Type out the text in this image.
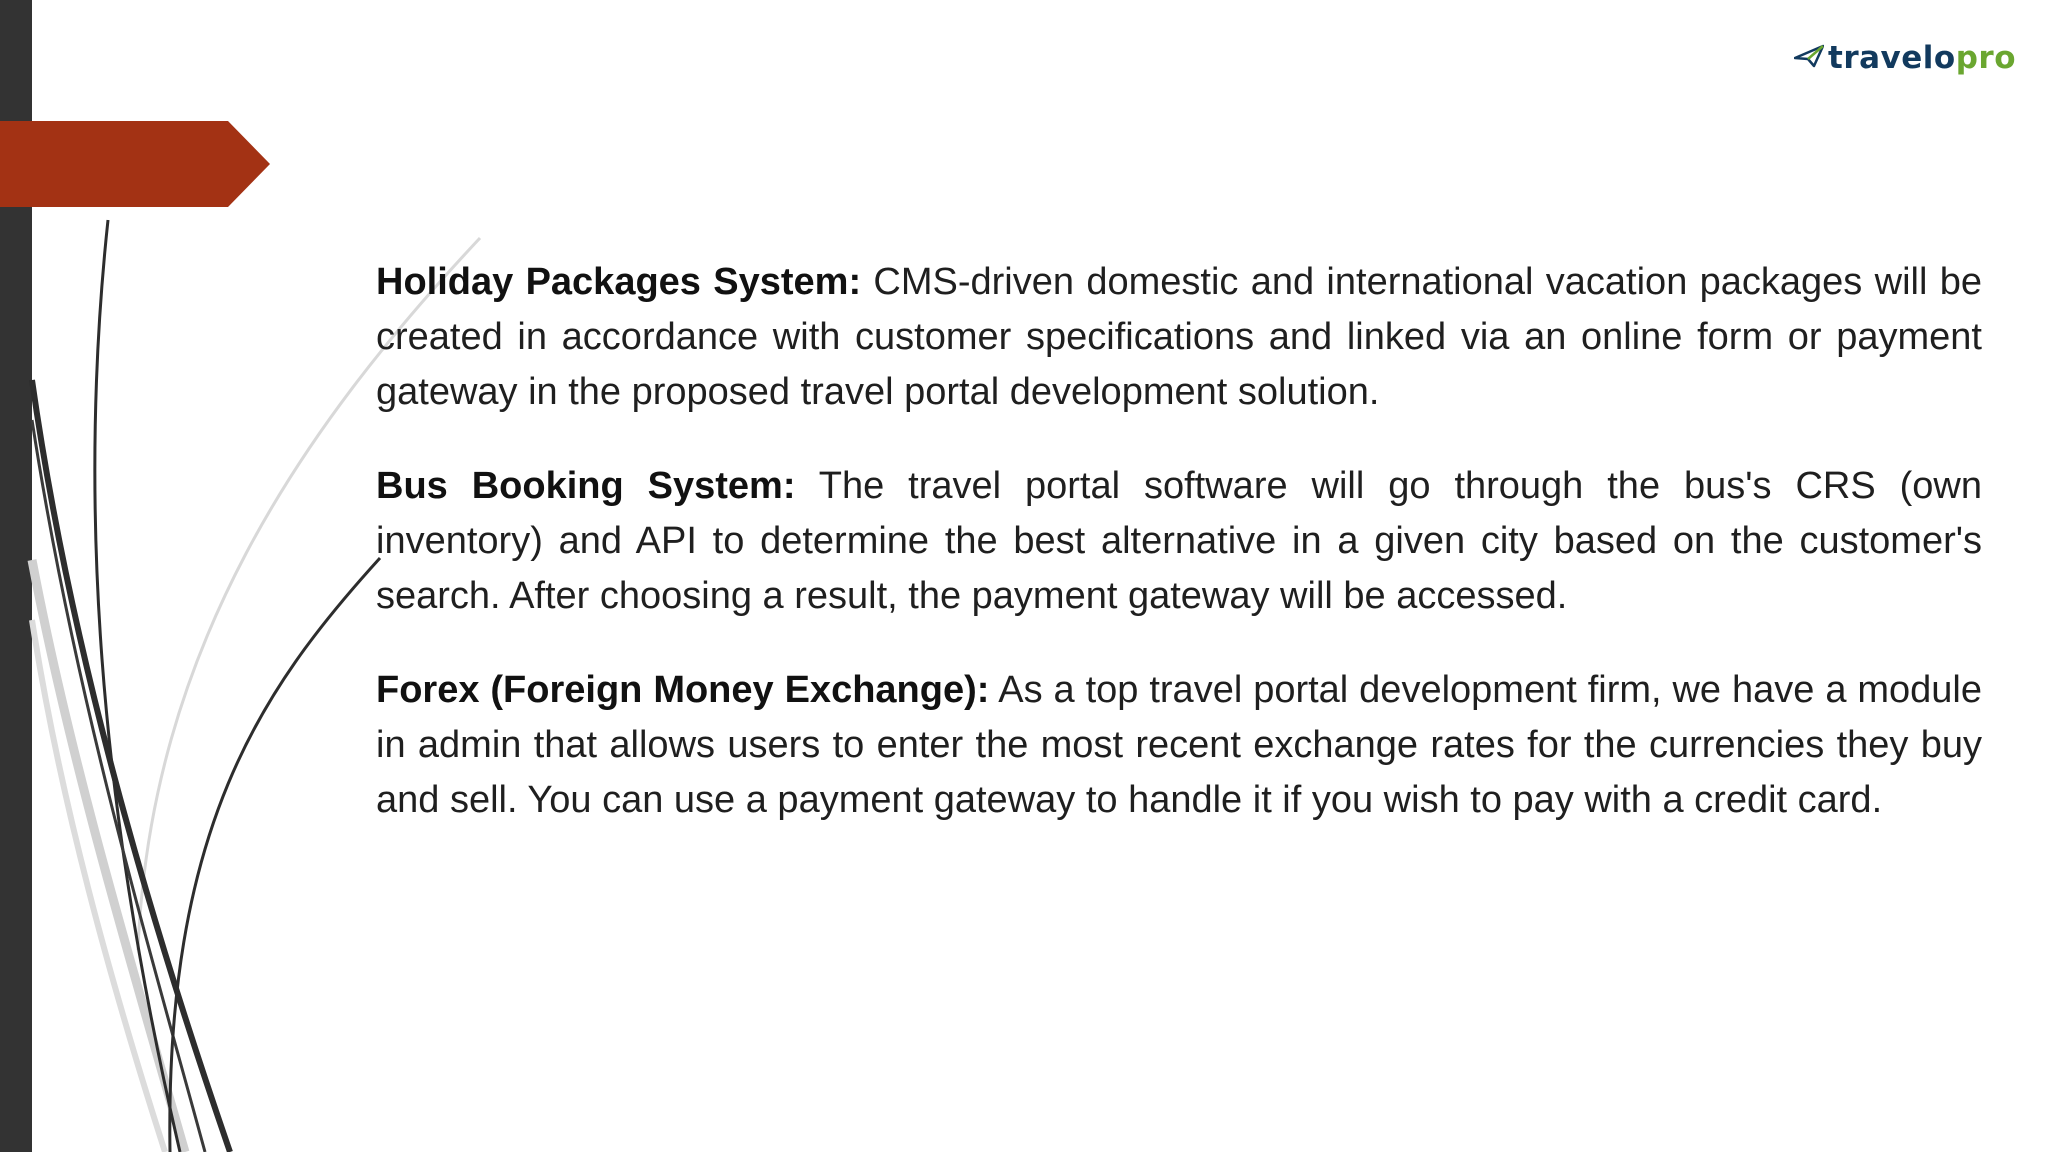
travelopro

Holiday Packages System: CMS-driven domestic and international vacation packages will be created in accordance with customer specifications and linked via an online form or payment gateway in the proposed travel portal development solution.

Bus Booking System: The travel portal software will go through the bus's CRS (own inventory) and API to determine the best alternative in a given city based on the customer's search. After choosing a result, the payment gateway will be accessed.

Forex (Foreign Money Exchange): As a top travel portal development firm, we have a module in admin that allows users to enter the most recent exchange rates for the currencies they buy and sell. You can use a payment gateway to handle it if you wish to pay with a credit card.
